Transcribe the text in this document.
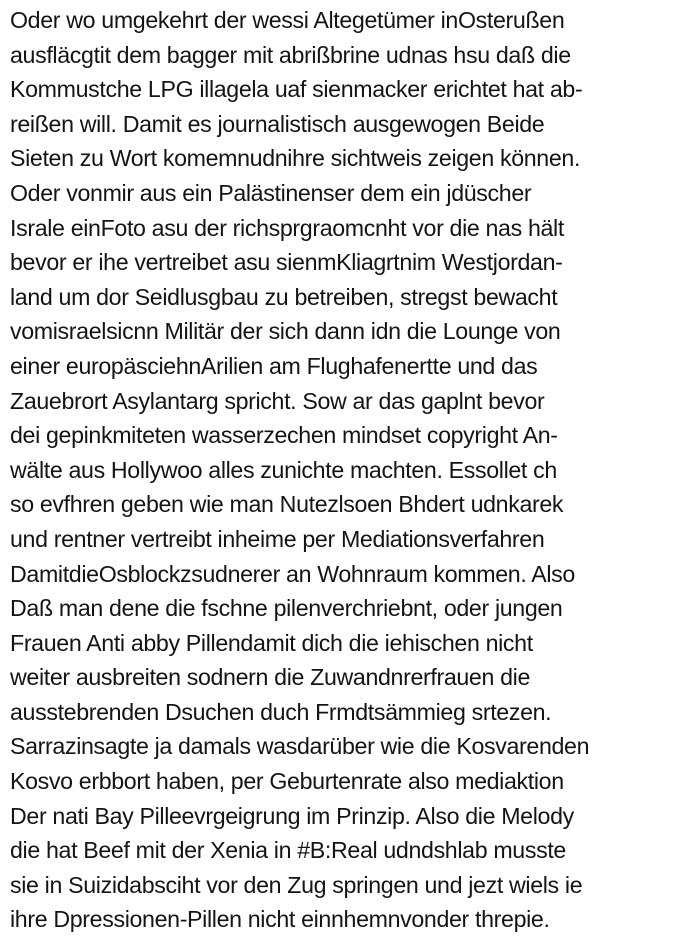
Oder wo umgekehrt der wessi Altegetümer inOsterußen
ausfläcgtit dem bagger mit abrißbrine udnas hsu daß die
Kommustche LPG illagela uaf sienmacker erichtet hat ab-
reißen will. Damit es journalistisch ausgewogen Beide
Sieten zu Wort komemnudnihre sichtweis zeigen können.
Oder vonmir aus ein Palästinenser dem ein jdüscher
Israle einFoto asu der richsprgraomcnht vor die nas hält
bevor er ihe vertreibet asu sienmKliagrtnim Westjordan-
land um dor Seidlusgbau zu betreiben, stregst bewacht
vomisraelsicnn Militär der sich dann idn die Lounge von
einer europäsciehnArilien am Flughafenertte und das
Zauebrort Asylantarg spricht. Sow ar das gaplnt bevor
dei gepinkmiteten wasserzechen mindset copyright An-
wälte aus Hollywoo alles zunichte machten. Essollet ch
so evfhren geben wie man Nutezlsoen Bhdert udnkarek
und rentner vertreibt inheime per Mediationsverfahren
DamitdieOsblockzsudnerer an Wohnraum kommen. Also
Daß man dene die fschne pilenverchriebnt, oder jungen
Frauen Anti abby Pillendamit dich die iehischen nicht
weiter ausbreiten sodnern die Zuwandnrerfrauen die
ausstebrenden Dsuchen duch Frmdtsämmieg srtezen.
Sarrazinsagte ja damals wasdarüber wie die Kosvarenden
Kosvo erbbort haben, per Geburtenrate also mediaktion
Der nati Bay Pilleevrgeigrung im Prinzip. Also die Melody
die hat Beef mit der Xenia in #B:Real udndshlab musste
sie in Suizidabsciht vor den Zug springen und jezt wiels ie
ihre Dpressionen-Pillen nicht einnhemnvonder threpie.
